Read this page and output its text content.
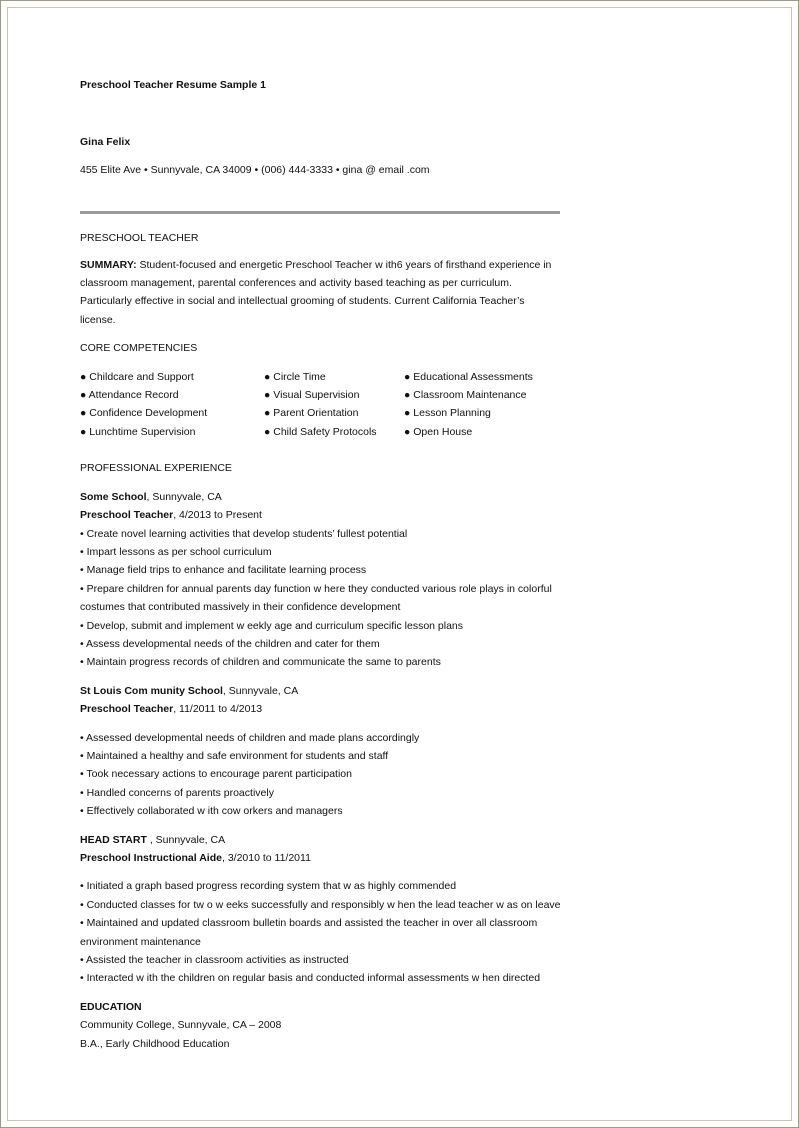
Preschool Teacher Resume Sample 1
Gina Felix
455 Elite Ave • Sunnyvale, CA 34009 • (006) 444-3333 • gina @ email .com
PRESCHOOL TEACHER
SUMMARY: Student-focused and energetic Preschool Teacher w ith6 years of firsthand experience in
classroom management, parental conferences and activity based teaching as per curriculum.
Particularly effective in social and intellectual grooming of students. Current California Teacher’s
license.
CORE COMPETENCIES
● Childcare and Support
● Attendance Record
● Confidence Development
● Lunchtime Supervision
● Circle Time
● Visual Supervision
● Parent Orientation
● Child Safety Protocols
● Educational Assessments
● Classroom Maintenance
● Lesson Planning
● Open House
PROFESSIONAL EXPERIENCE
Some School, Sunnyvale, CA
Preschool Teacher, 4/2013 to Present
• Create novel learning activities that develop students’ fullest potential
• Impart lessons as per school curriculum
• Manage field trips to enhance and facilitate learning process
• Prepare children for annual parents day function w here they conducted various role plays in colorful
costumes that contributed massively in their confidence development
• Develop, submit and implement w eekly age and curriculum specific lesson plans
• Assess developmental needs of the children and cater for them
• Maintain progress records of children and communicate the same to parents
St Louis Com munity School, Sunnyvale, CA
Preschool Teacher, 11/2011 to 4/2013
• Assessed developmental needs of children and made plans accordingly
• Maintained a healthy and safe environment for students and staff
• Took necessary actions to encourage parent participation
• Handled concerns of parents proactively
• Effectively collaborated w ith cow orkers and managers
HEAD START , Sunnyvale, CA
Preschool Instructional Aide, 3/2010 to 11/2011
• Initiated a graph based progress recording system that w as highly commended
• Conducted classes for tw o w eeks successfully and responsibly w hen the lead teacher w as on leave
• Maintained and updated classroom bulletin boards and assisted the teacher in over all classroom
environment maintenance
• Assisted the teacher in classroom activities as instructed
• Interacted w ith the children on regular basis and conducted informal assessments w hen directed
EDUCATION
Community College, Sunnyvale, CA – 2008
B.A., Early Childhood Education
